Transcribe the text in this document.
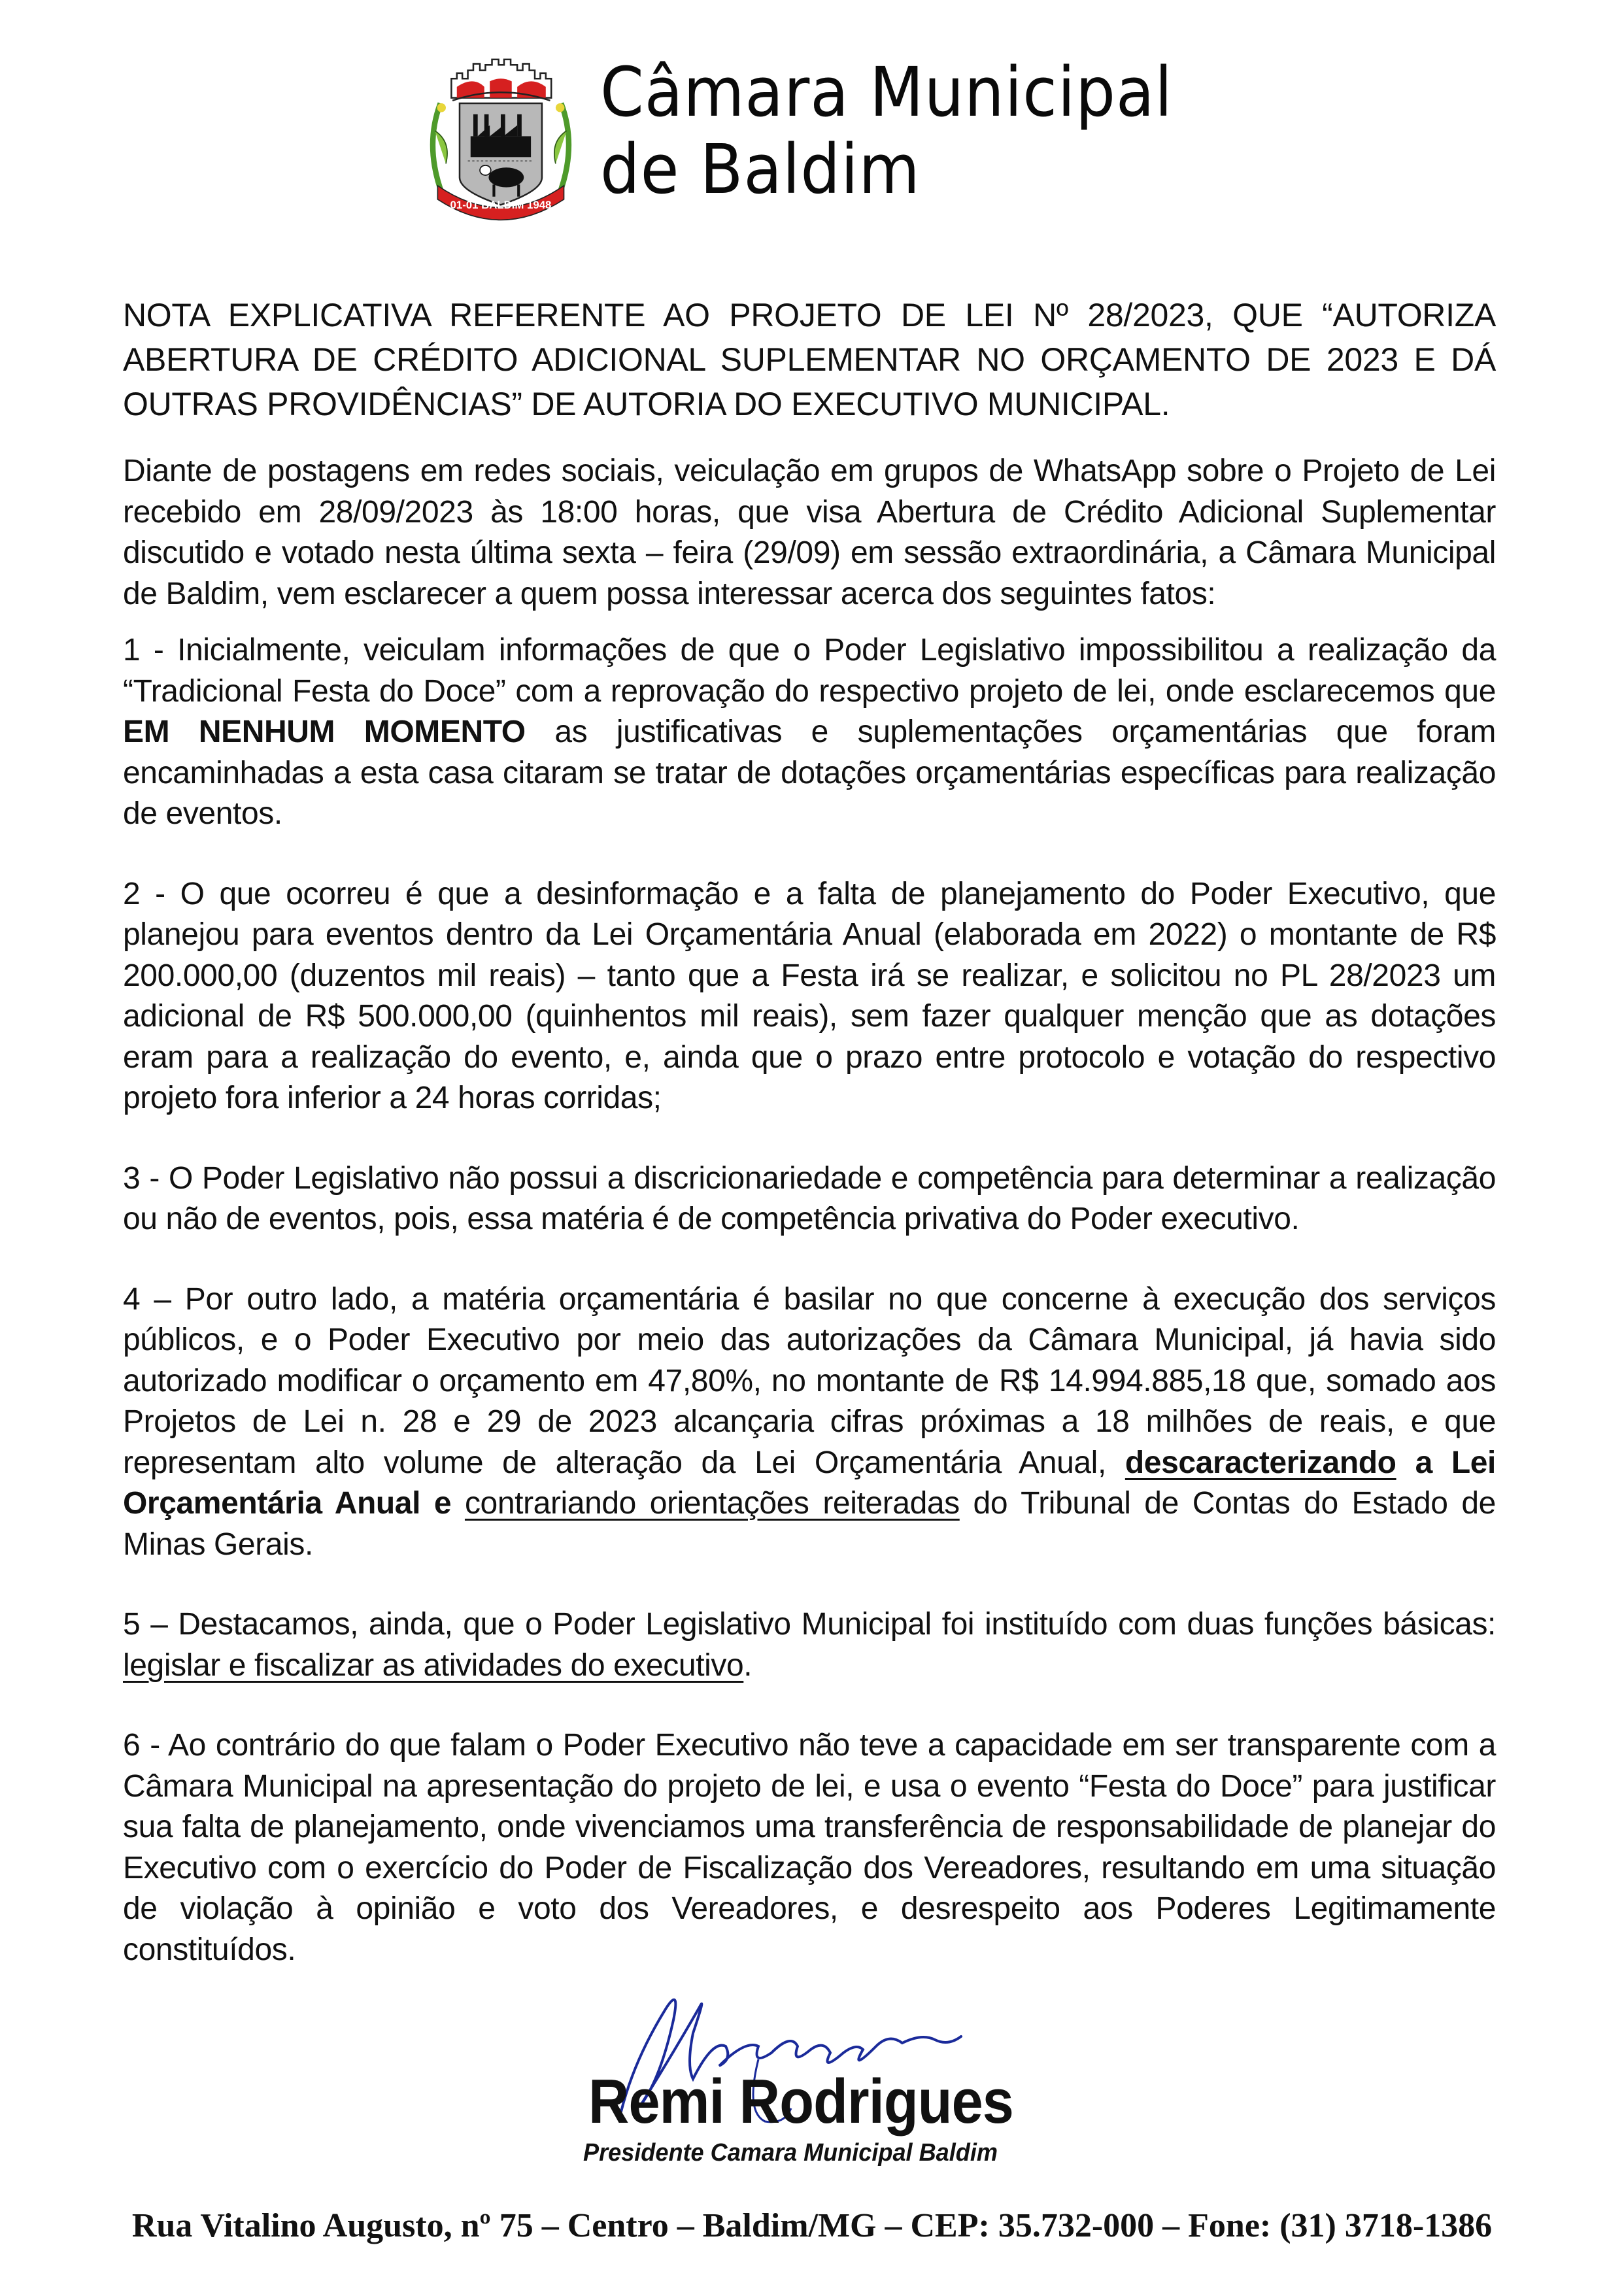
01-01 BALDIM 1948
Câmara Municipal
de Baldim
NOTA EXPLICATIVA REFERENTE AO PROJETO DE LEI Nº 28/2023, QUE “AUTORIZA ABERTURA DE CRÉDITO ADICIONAL SUPLEMENTAR NO ORÇAMENTO DE 2023 E DÁ OUTRAS PROVIDÊNCIAS” DE AUTORIA DO EXECUTIVO MUNICIPAL.

Diante de postagens em redes sociais, veiculação em grupos de WhatsApp sobre o Projeto de Lei recebido em 28/09/2023 às 18:00 horas, que visa Abertura de Crédito Adicional Suplementar discutido e votado nesta última sexta – feira (29/09) em sessão extraordinária, a Câmara Municipal de Baldim, vem esclarecer a quem possa interessar acerca dos seguintes fatos:

1 - Inicialmente, veiculam informações de que o Poder Legislativo impossibilitou a realização da “Tradicional Festa do Doce” com a reprovação do respectivo projeto de lei, onde esclarecemos que EM NENHUM MOMENTO as justificativas e suplementações orçamentárias que foram encaminhadas a esta casa citaram se tratar de dotações orçamentárias específicas para realização de eventos.

2 - O que ocorreu é que a desinformação e a falta de planejamento do Poder Executivo, que planejou para eventos dentro da Lei Orçamentária Anual (elaborada em 2022) o montante de R$ 200.000,00 (duzentos mil reais) – tanto que a Festa irá se realizar, e solicitou no PL 28/2023 um adicional de R$ 500.000,00 (quinhentos mil reais), sem fazer qualquer menção que as dotações eram para a realização do evento, e, ainda que o prazo entre protocolo e votação do respectivo projeto fora inferior a 24 horas corridas;

3 - O Poder Legislativo não possui a discricionariedade e competência para determinar a realização ou não de eventos, pois, essa matéria é de competência privativa do Poder executivo.

4 – Por outro lado, a matéria orçamentária é basilar no que concerne à execução dos serviços públicos, e o Poder Executivo por meio das autorizações da Câmara Municipal, já havia sido autorizado modificar o orçamento em 47,80%, no montante de R$ 14.994.885,18 que, somado aos Projetos de Lei n. 28 e 29 de 2023 alcançaria cifras próximas a 18 milhões de reais, e que representam alto volume de alteração da Lei Orçamentária Anual, descaracterizando a Lei Orçamentária Anual e contrariando orientações reiteradas do Tribunal de Contas do Estado de Minas Gerais.

5 – Destacamos, ainda, que o Poder Legislativo Municipal foi instituído com duas funções básicas: legislar e fiscalizar as atividades do executivo.

6 - Ao contrário do que falam o Poder Executivo não teve a capacidade em ser transparente com a Câmara Municipal na apresentação do projeto de lei, e usa o evento “Festa do Doce” para justificar sua falta de planejamento, onde vivenciamos uma transferência de responsabilidade de planejar do Executivo com o exercício do Poder de Fiscalização dos Vereadores, resultando em uma situação de violação à opinião e voto dos Vereadores, e desrespeito aos Poderes Legitimamente constituídos.

Remi Rodrigues
Presidente Camara Municipal Baldim
Rua Vitalino Augusto, nº 75 – Centro – Baldim/MG – CEP: 35.732-000 – Fone: (31) 3718-1386
